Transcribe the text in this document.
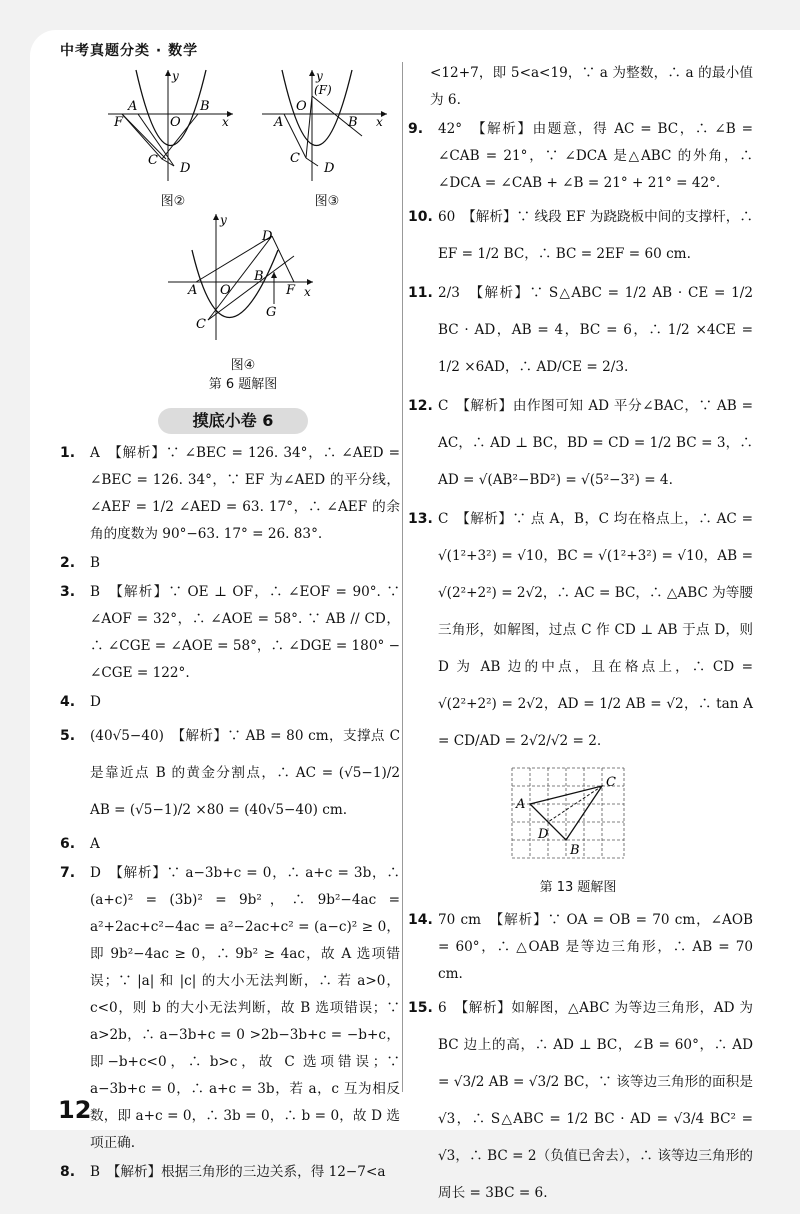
中考真题分类 · 数学
A
F	O
B
x
y
C
D
图②
A
O
(F)
B x
y
C
D
图③
A O
B
D
F
G
x
y
C
图④
第 6 题解图
摸底小卷 6
1. A　【解析】∵ ∠BEC = 126. 34°，∴ ∠AED = ∠BEC = 126. 34°，∵ EF 为∠AED 的平分线，∠AEF = 1/2 ∠AED = 63. 17°，∴ ∠AEF 的余角的度数为 90°−63. 17° = 26. 83°.
2. B
3. B　【解析】∵ OE ⊥ OF，∴ ∠EOF = 90°. ∵ ∠AOF = 32°，∴ ∠AOE = 58°. ∵ AB // CD，∴ ∠CGE = ∠AOE = 58°，∴ ∠DGE = 180° − ∠CGE = 122°.
4. D
5. (40√5−40)　【解析】∵ AB = 80 cm，支撑点 C 是靠近点 B 的黄金分割点，∴ AC = (√5−1)/2 AB = (√5−1)/2 ×80 = (40√5−40) cm.
6. A
7. D　【解析】∵ a−3b+c = 0，∴ a+c = 3b，∴ (a+c)² = (3b)² = 9b²，∴ 9b²−4ac = a²+2ac+c²−4ac = a²−2ac+c² = (a−c)² ≥ 0，即 9b²−4ac ≥ 0，∴ 9b² ≥ 4ac，故 A 选项错误；∵ |a| 和 |c| 的大小无法判断，∴ 若 a>0，c<0，则 b 的大小无法判断，故 B 选项错误；∵ a>2b，∴ a−3b+c = 0 >2b−3b+c = −b+c，即−b+c<0，∴ b>c，故 C 选项错误；∵ a−3b+c = 0，∴ a+c = 3b，若 a，c 互为相反数，即 a+c = 0，∴ 3b = 0，∴ b = 0，故 D 选项正确.
8. B　【解析】根据三角形的三边关系，得 12−7<a
<12+7，即 5<a<19，∵ a 为整数，∴ a 的最小值为 6.
9. 42°　【解析】由题意，得 AC = BC，∴ ∠B = ∠CAB = 21°，∵ ∠DCA 是△ABC 的外角，∴ ∠DCA = ∠CAB + ∠B = 21° + 21° = 42°.
10. 60　【解析】∵ 线段 EF 为跷跷板中间的支撑杆，∴ EF = 1/2 BC，∴ BC = 2EF = 60 cm.
11. 2/3　【解析】∵ S△ABC = 1/2 AB · CE = 1/2 BC · AD，AB = 4，BC = 6，∴ 1/2 ×4CE = 1/2 ×6AD，∴ AD/CE = 2/3.
12. C　【解析】由作图可知 AD 平分∠BAC，∵ AB = AC，∴ AD ⊥ BC，BD = CD = 1/2 BC = 3，∴ AD = √(AB²−BD²) = √(5²−3²) = 4.
13. C　【解析】∵ 点 A，B，C 均在格点上，∴ AC = √(1²+3²) = √10，BC = √(1²+3²) = √10，AB = √(2²+2²) = 2√2，∴ AC = BC，∴ △ABC 为等腰三角形，如解图，过点 C 作 CD ⊥ AB 于点 D，则 D 为 AB 边的中点，且在格点上，∴ CD = √(2²+2²) = 2√2，AD = 1/2 AB = √2，∴ tan A = CD/AD = 2√2/√2 = 2.
A
C
D
B
第 13 题解图
14. 70 cm　【解析】∵ OA = OB = 70 cm，∠AOB = 60°，∴ △OAB 是等边三角形，∴ AB = 70 cm.
15. 6　【解析】如解图，△ABC 为等边三角形，AD 为 BC 边上的高，∴ AD ⊥ BC，∠B = 60°，∴ AD = √3/2 AB = √3/2 BC，∵ 该等边三角形的面积是√3，∴ S△ABC = 1/2 BC · AD = √3/4 BC² = √3，∴ BC = 2（负值已舍去），∴ 该等边三角形的周长 = 3BC = 6.
12
